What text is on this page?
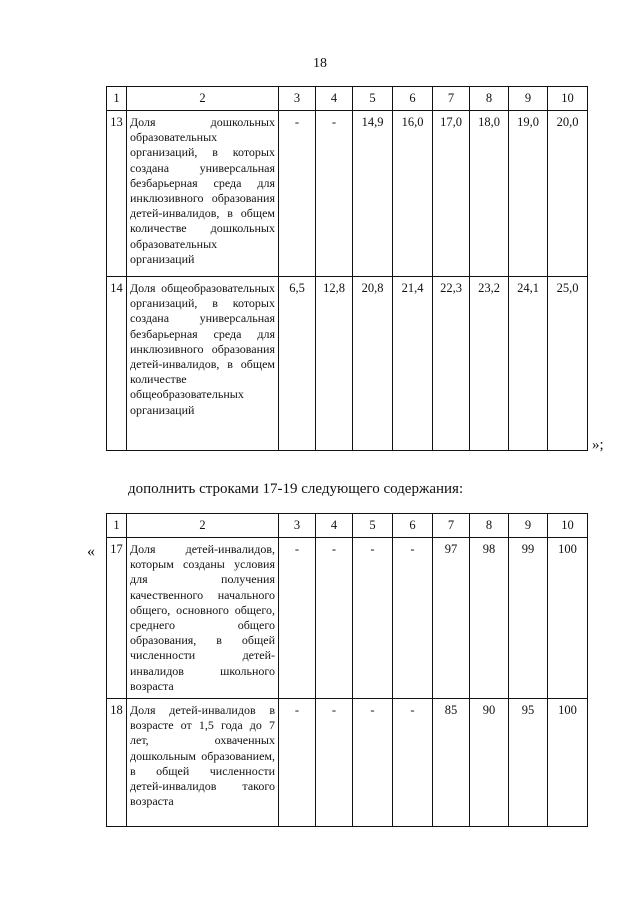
18
1	2	3	4	5	6	7	8	9	10
13	Доля дошкольных образовательных организаций, в которых создана универсальная безбарьерная среда для инклюзивного образования детей-инвалидов, в общем количестве дошкольных образовательных организаций	-	-	14,9	16,0	17,0	18,0	19,0	20,0
14	Доля общеобразовательных организаций, в которых создана универсальная безбарьерная среда для инклюзивного образования детей-инвалидов, в общем количестве общеобразовательных организаций	6,5	12,8	20,8	21,4	22,3	23,2	24,1	25,0
»;
дополнить строками 17-19 следующего содержания:
«
1	2	3	4	5	6	7	8	9	10
17	Доля детей-инвалидов, которым созданы условия для получения качественного начального общего, основного общего, среднего общего образования, в общей численности детей-инвалидов школьного возраста	-	-	-	-	97	98	99	100
18	Доля детей-инвалидов в возрасте от 1,5 года до 7 лет, охваченных дошкольным образованием, в общей численности детей-инвалидов такого возраста	-	-	-	-	85	90	95	100
